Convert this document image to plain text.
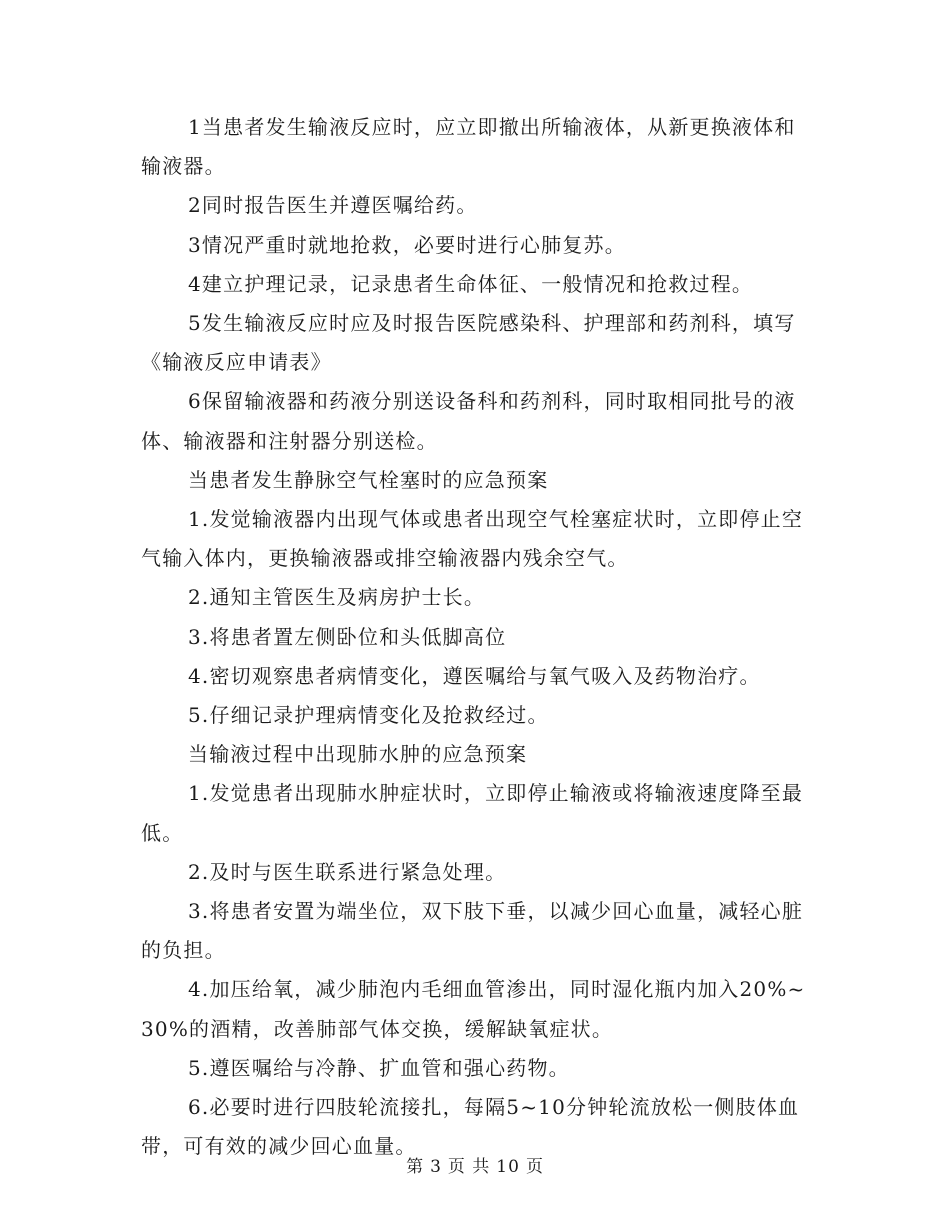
1当患者发生输液反应时，应立即撤出所输液体，从新更换液体和输液器。

2同时报告医生并遵医嘱给药。

3情况严重时就地抢救，必要时进行心肺复苏。

4建立护理记录，记录患者生命体征、一般情况和抢救过程。

5发生输液反应时应及时报告医院感染科、护理部和药剂科，填写《输液反应申请表》

6保留输液器和药液分别送设备科和药剂科，同时取相同批号的液体、输液器和注射器分别送检。

当患者发生静脉空气栓塞时的应急预案

1.发觉输液器内出现气体或患者出现空气栓塞症状时，立即停止空气输入体内，更换输液器或排空输液器内残余空气。

2.通知主管医生及病房护士长。

3.将患者置左侧卧位和头低脚高位

4.密切观察患者病情变化，遵医嘱给与氧气吸入及药物治疗。

5.仔细记录护理病情变化及抢救经过。

当输液过程中出现肺水肿的应急预案

1.发觉患者出现肺水肿症状时，立即停止输液或将输液速度降至最低。

2.及时与医生联系进行紧急处理。

3.将患者安置为端坐位，双下肢下垂，以减少回心血量，减轻心脏的负担。

4.加压给氧，减少肺泡内毛细血管渗出，同时湿化瓶内加入20%~30%的酒精，改善肺部气体交换，缓解缺氧症状。

5.遵医嘱给与冷静、扩血管和强心药物。

6.必要时进行四肢轮流接扎，每隔5~10分钟轮流放松一侧肢体血带，可有效的减少回心血量。

第 3 页 共 10 页
